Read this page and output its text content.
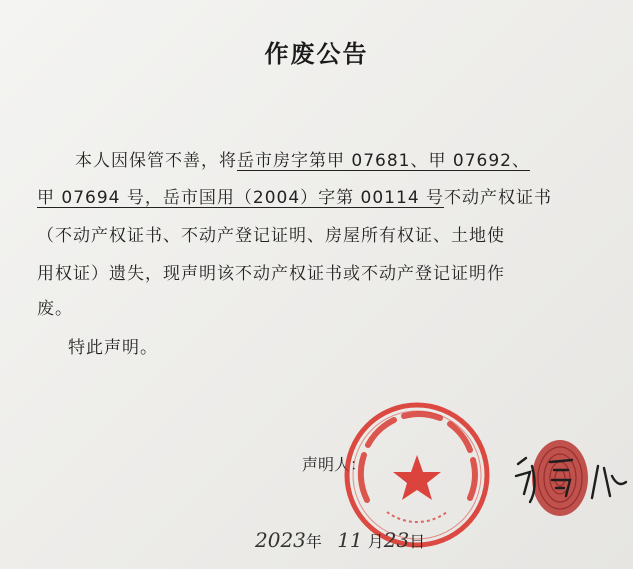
作废公告
本人因保管不善，将岳市房字第甲 07681、甲 07692、
甲 07694 号，岳市国用（2004）字第 00114 号不动产权证书
（不动产权证书、不动产登记证明、房屋所有权证、土地使
用权证）遗失，现声明该不动产权证书或不动产登记证明作
废。
特此声明。
声明人：
2023年 11 月23日
